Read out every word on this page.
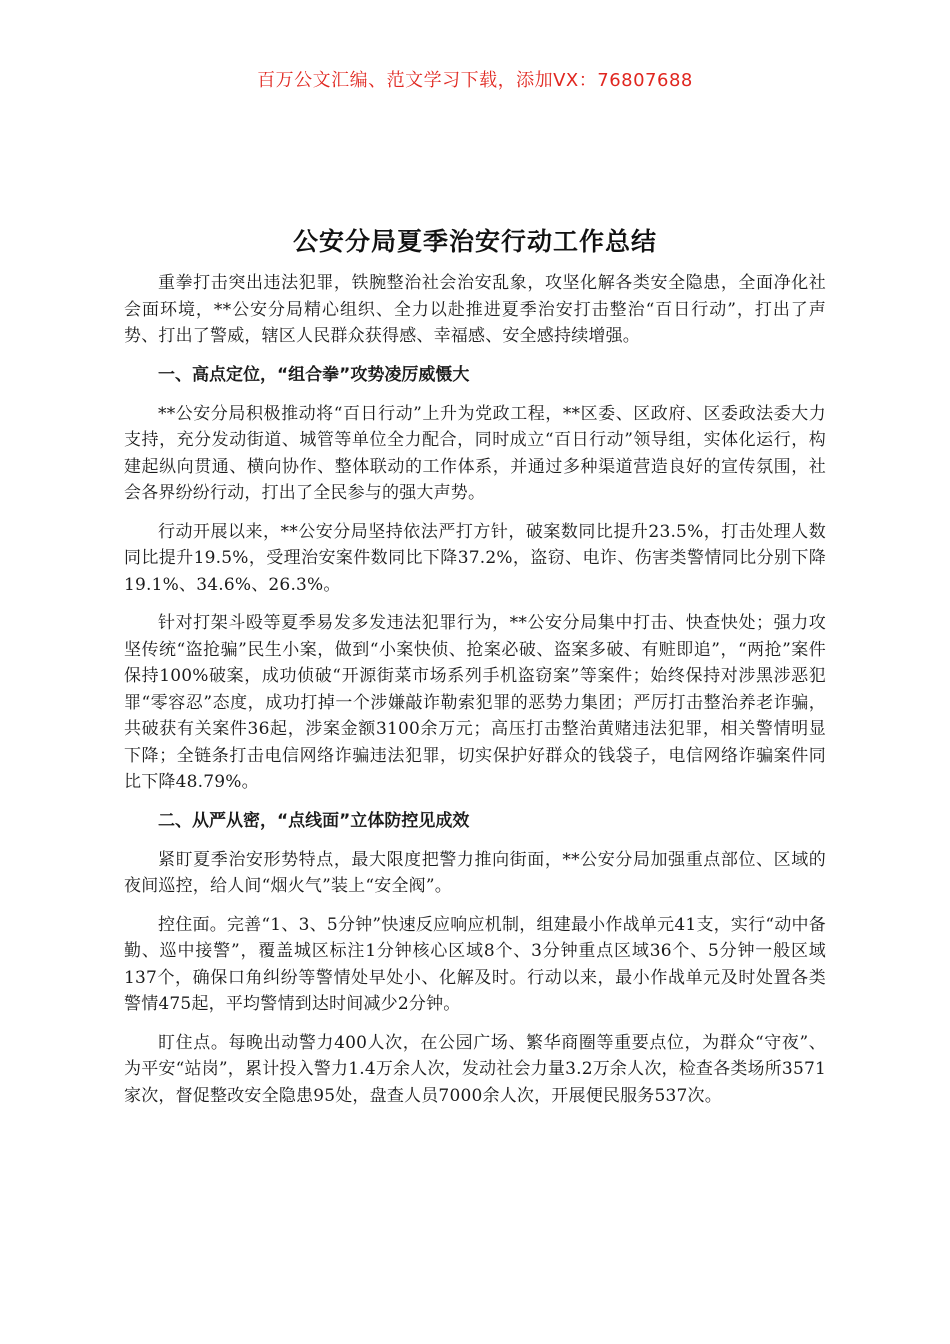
百万公文汇编、范文学习下载，添加VX：76807688
公安分局夏季治安行动工作总结

重拳打击突出违法犯罪，铁腕整治社会治安乱象，攻坚化解各类安全隐患，全面净化社会面环境，**公安分局精心组织、全力以赴推进夏季治安打击整治“百日行动”，打出了声势、打出了警威，辖区人民群众获得感、幸福感、安全感持续增强。

一、高点定位，“组合拳”攻势凌厉威慑大

**公安分局积极推动将“百日行动”上升为党政工程，**区委、区政府、区委政法委大力支持，充分发动街道、城管等单位全力配合，同时成立“百日行动”领导组，实体化运行，构建起纵向贯通、横向协作、整体联动的工作体系，并通过多种渠道营造良好的宣传氛围，社会各界纷纷行动，打出了全民参与的强大声势。

行动开展以来，**公安分局坚持依法严打方针，破案数同比提升23.5%，打击处理人数同比提升19.5%，受理治安案件数同比下降37.2%，盗窃、电诈、伤害类警情同比分别下降19.1%、34.6%、26.3%。

针对打架斗殴等夏季易发多发违法犯罪行为，**公安分局集中打击、快查快处；强力攻坚传统“盗抢骗”民生小案，做到“小案快侦、抢案必破、盗案多破、有赃即追”，“两抢”案件保持100%破案，成功侦破“开源街菜市场系列手机盗窃案”等案件；始终保持对涉黑涉恶犯罪“零容忍”态度，成功打掉一个涉嫌敲诈勒索犯罪的恶势力集团；严厉打击整治养老诈骗，共破获有关案件36起，涉案金额3100余万元；高压打击整治黄赌违法犯罪，相关警情明显下降；全链条打击电信网络诈骗违法犯罪，切实保护好群众的钱袋子，电信网络诈骗案件同比下降48.79%。

二、从严从密，“点线面”立体防控见成效

紧盯夏季治安形势特点，最大限度把警力推向街面，**公安分局加强重点部位、区域的夜间巡控，给人间“烟火气”装上“安全阀”。

控住面。完善“1、3、5分钟”快速反应响应机制，组建最小作战单元41支，实行“动中备勤、巡中接警”，覆盖城区标注1分钟核心区域8个、3分钟重点区域36个、5分钟一般区域137个，确保口角纠纷等警情处早处小、化解及时。行动以来，最小作战单元及时处置各类警情475起，平均警情到达时间减少2分钟。

盯住点。每晚出动警力400人次，在公园广场、繁华商圈等重要点位，为群众“守夜”、为平安“站岗”，累计投入警力1.4万余人次，发动社会力量3.2万余人次，检查各类场所3571家次，督促整改安全隐患95处，盘查人员7000余人次，开展便民服务537次。
